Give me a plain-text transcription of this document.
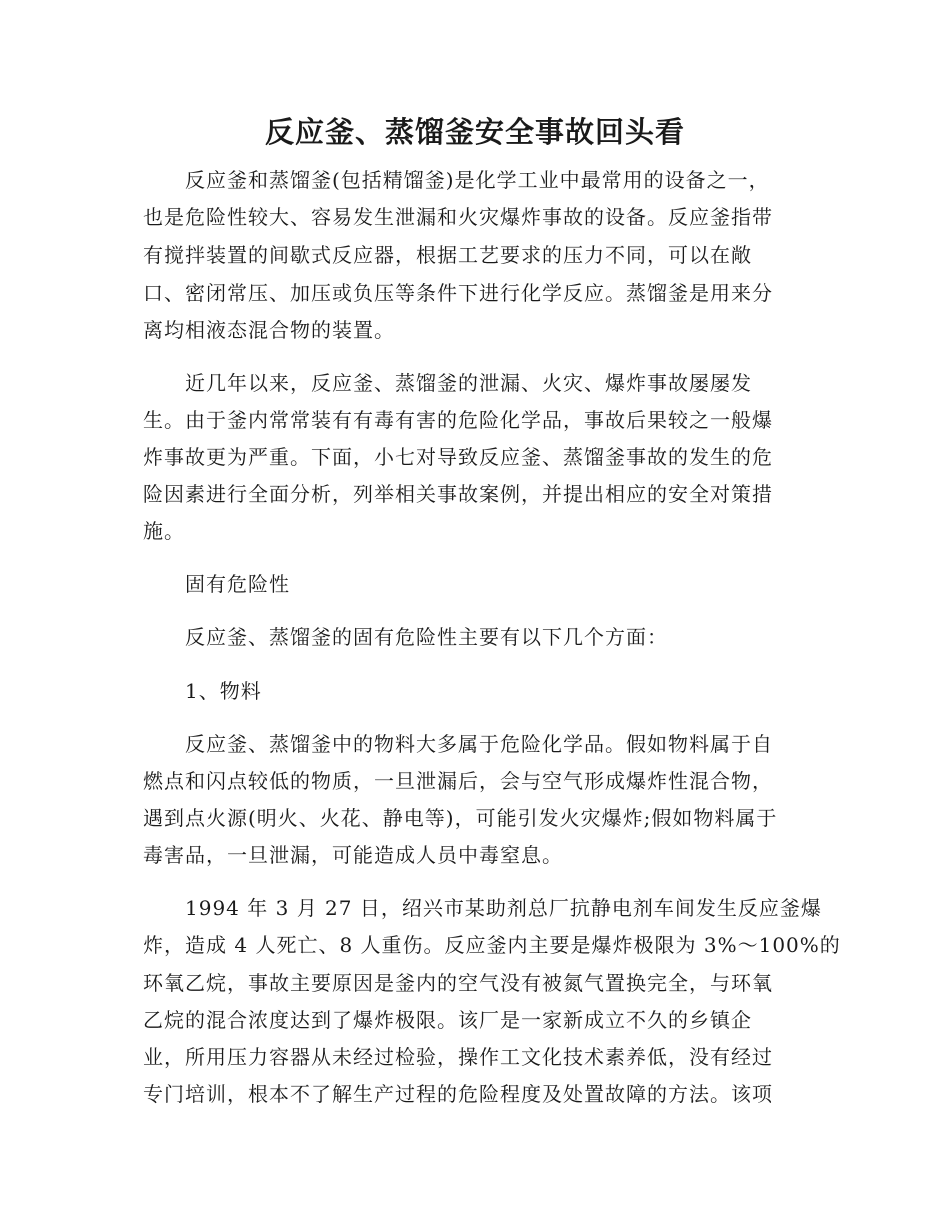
反应釜、蒸馏釜安全事故回头看
反应釜和蒸馏釜(包括精馏釜)是化学工业中最常用的设备之一，
也是危险性较大、容易发生泄漏和火灾爆炸事故的设备。反应釜指带
有搅拌装置的间歇式反应器，根据工艺要求的压力不同，可以在敞
口、密闭常压、加压或负压等条件下进行化学反应。蒸馏釜是用来分
离均相液态混合物的装置。
近几年以来，反应釜、蒸馏釜的泄漏、火灾、爆炸事故屡屡发
生。由于釜内常常装有有毒有害的危险化学品，事故后果较之一般爆
炸事故更为严重。下面，小七对导致反应釜、蒸馏釜事故的发生的危
险因素进行全面分析，列举相关事故案例，并提出相应的安全对策措
施。
固有危险性
反应釜、蒸馏釜的固有危险性主要有以下几个方面：
1、物料
反应釜、蒸馏釜中的物料大多属于危险化学品。假如物料属于自
燃点和闪点较低的物质，一旦泄漏后，会与空气形成爆炸性混合物，
遇到点火源(明火、火花、静电等)，可能引发火灾爆炸;假如物料属于
毒害品，一旦泄漏，可能造成人员中毒窒息。
1994 年 3 月 27 日，绍兴市某助剂总厂抗静电剂车间发生反应釜爆
炸，造成 4 人死亡、8 人重伤。反应釜内主要是爆炸极限为 3%～100%的
环氧乙烷，事故主要原因是釜内的空气没有被氮气置换完全，与环氧
乙烷的混合浓度达到了爆炸极限。该厂是一家新成立不久的乡镇企
业，所用压力容器从未经过检验，操作工文化技术素养低，没有经过
专门培训，根本不了解生产过程的危险程度及处置故障的方法。该项
